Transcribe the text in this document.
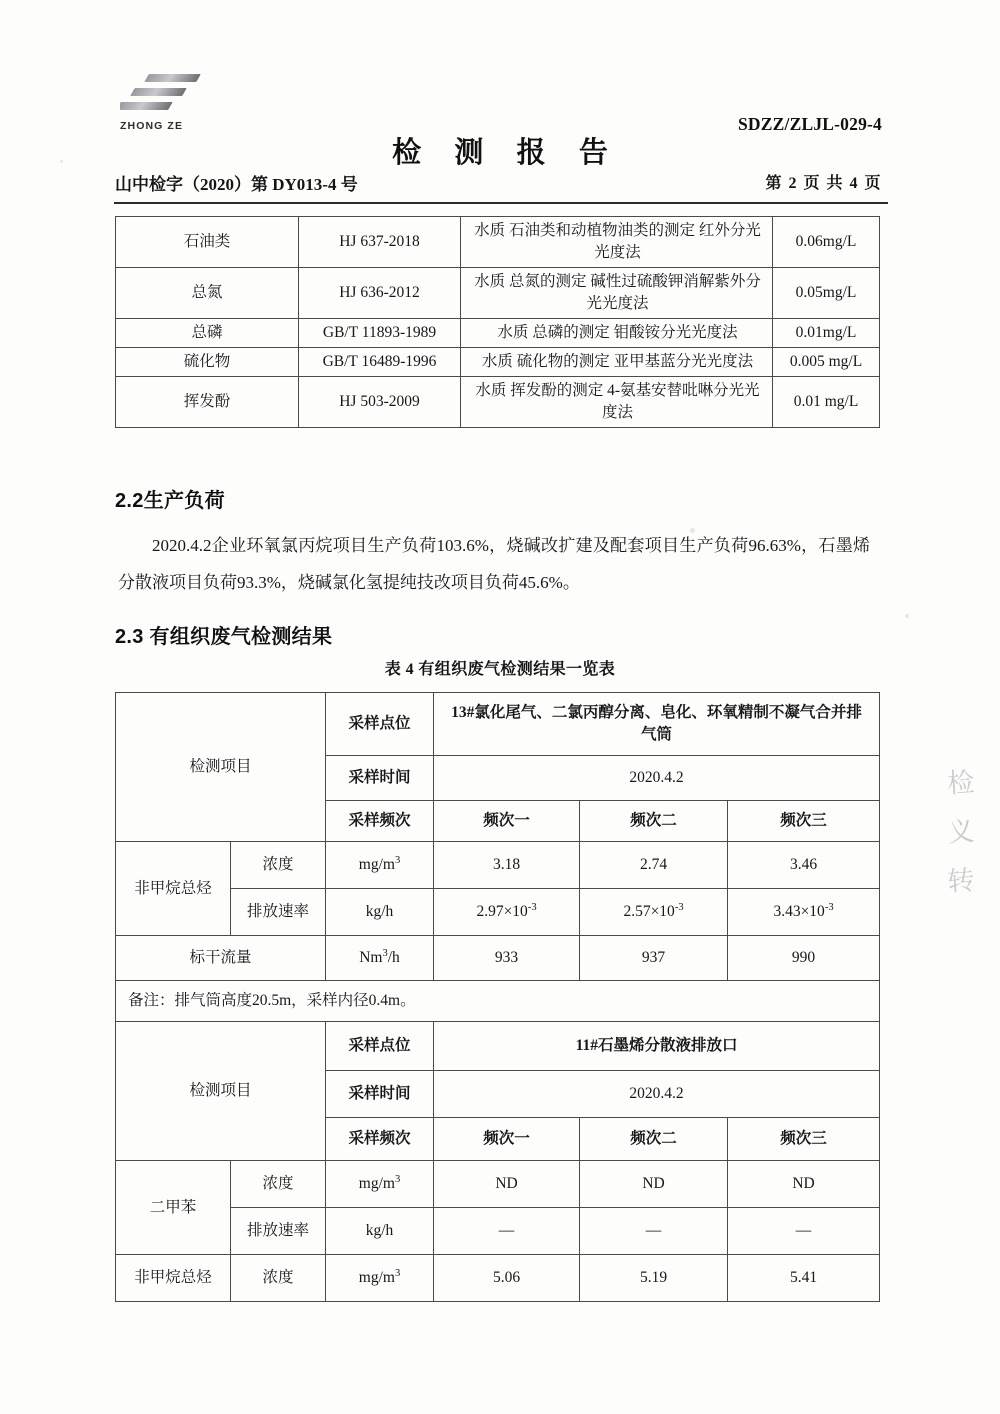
ZHONG ZE	SDZZ/ZLJL-029-4
检 测 报 告
山中检字（2020）第 DY013-4 号	第 2 页 共 4 页
石油类	HJ 637-2018	水质 石油类和动植物油类的测定 红外分光光度法	0.06mg/L
总氮	HJ 636-2012	水质 总氮的测定 碱性过硫酸钾消解紫外分光光度法	0.05mg/L
总磷	GB/T 11893-1989	水质 总磷的测定 钼酸铵分光光度法	0.01mg/L
硫化物	GB/T 16489-1996	水质 硫化物的测定 亚甲基蓝分光光度法	0.005 mg/L
挥发酚	HJ 503-2009	水质 挥发酚的测定 4-氨基安替吡啉分光光度法	0.01 mg/L
2.2生产负荷
2020.4.2企业环氧氯丙烷项目生产负荷103.6%，烧碱改扩建及配套项目生产负荷96.63%，石墨烯分散液项目负荷93.3%，烧碱氯化氢提纯技改项目负荷45.6%。
2.3 有组织废气检测结果
表 4 有组织废气检测结果一览表
检测项目		采样点位	13#氯化尾气、二氯丙醇分离、皂化、环氧精制不凝气合并排气筒		
		采样时间	2020.4.2		
		采样频次	频次一	频次二	频次三
非甲烷总烃	浓度	$mg/m^3$	3.18	2.74	3.46
	排放速率	kg/h	$2.97\times 10^{-3}$	$2.57\times 10^{-3}$	$3.43\times 10^{-3}$
标干流量		Nm$^3$/h	933	937	990
备注：排气筒高度20.5m，采样内径0.4m。					
检测项目		采样点位	11#石墨烯分散液排放口		
		采样时间	2020.4.2		
		采样频次	频次一	频次二	频次三
二甲苯	浓度	$mg/m^3$	ND	ND	ND
	排放速率	kg/h	—	—	—
非甲烷总烃	浓度	$mg/m^3$	5.06	5.19	5.41
检
义
转
